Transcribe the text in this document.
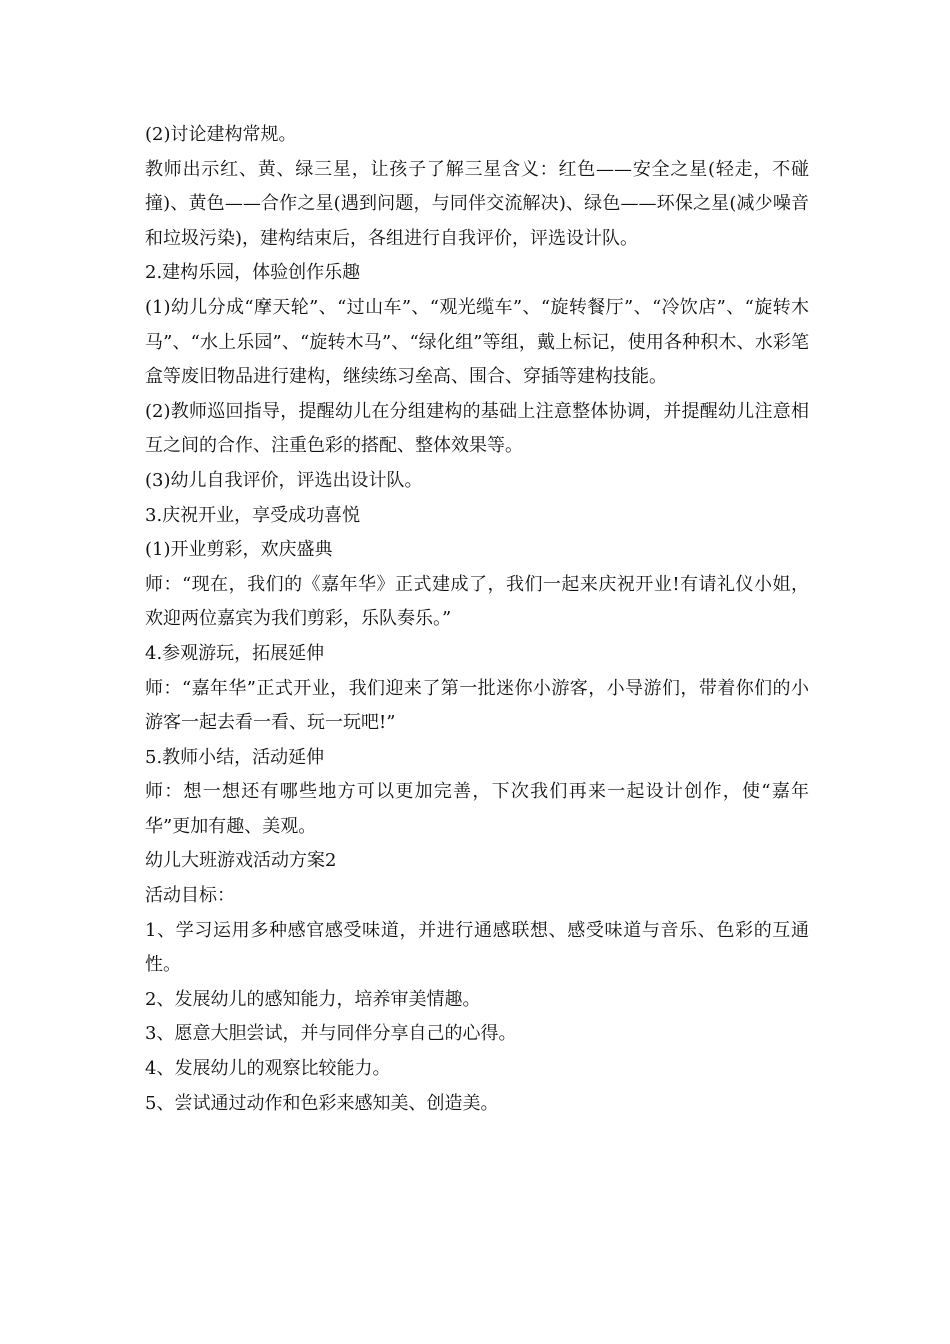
(2)讨论建构常规。

教师出示红、黄、绿三星，让孩子了解三星含义：红色——安全之星(轻走，不碰撞)、黄色——合作之星(遇到问题，与同伴交流解决)、绿色——环保之星(减少噪音和垃圾污染)，建构结束后，各组进行自我评价，评选设计队。

2.建构乐园，体验创作乐趣

(1)幼儿分成“摩天轮”、“过山车”、“观光缆车”、“旋转餐厅”、“冷饮店”、“旋转木马”、“水上乐园”、“旋转木马”、“绿化组”等组，戴上标记，使用各种积木、水彩笔盒等废旧物品进行建构，继续练习垒高、围合、穿插等建构技能。

(2)教师巡回指导，提醒幼儿在分组建构的基础上注意整体协调，并提醒幼儿注意相互之间的合作、注重色彩的搭配、整体效果等。

(3)幼儿自我评价，评选出设计队。

3.庆祝开业，享受成功喜悦

(1)开业剪彩，欢庆盛典

师：“现在，我们的《嘉年华》正式建成了，我们一起来庆祝开业!有请礼仪小姐，欢迎两位嘉宾为我们剪彩，乐队奏乐。”

4.参观游玩，拓展延伸

师：“嘉年华”正式开业，我们迎来了第一批迷你小游客，小导游们，带着你们的小游客一起去看一看、玩一玩吧!”

5.教师小结，活动延伸

师：想一想还有哪些地方可以更加完善，下次我们再来一起设计创作，使“嘉年华”更加有趣、美观。

幼儿大班游戏活动方案2

活动目标：

1、学习运用多种感官感受味道，并进行通感联想、感受味道与音乐、色彩的互通性。

2、发展幼儿的感知能力，培养审美情趣。

3、愿意大胆尝试，并与同伴分享自己的心得。

4、发展幼儿的观察比较能力。

5、尝试通过动作和色彩来感知美、创造美。
